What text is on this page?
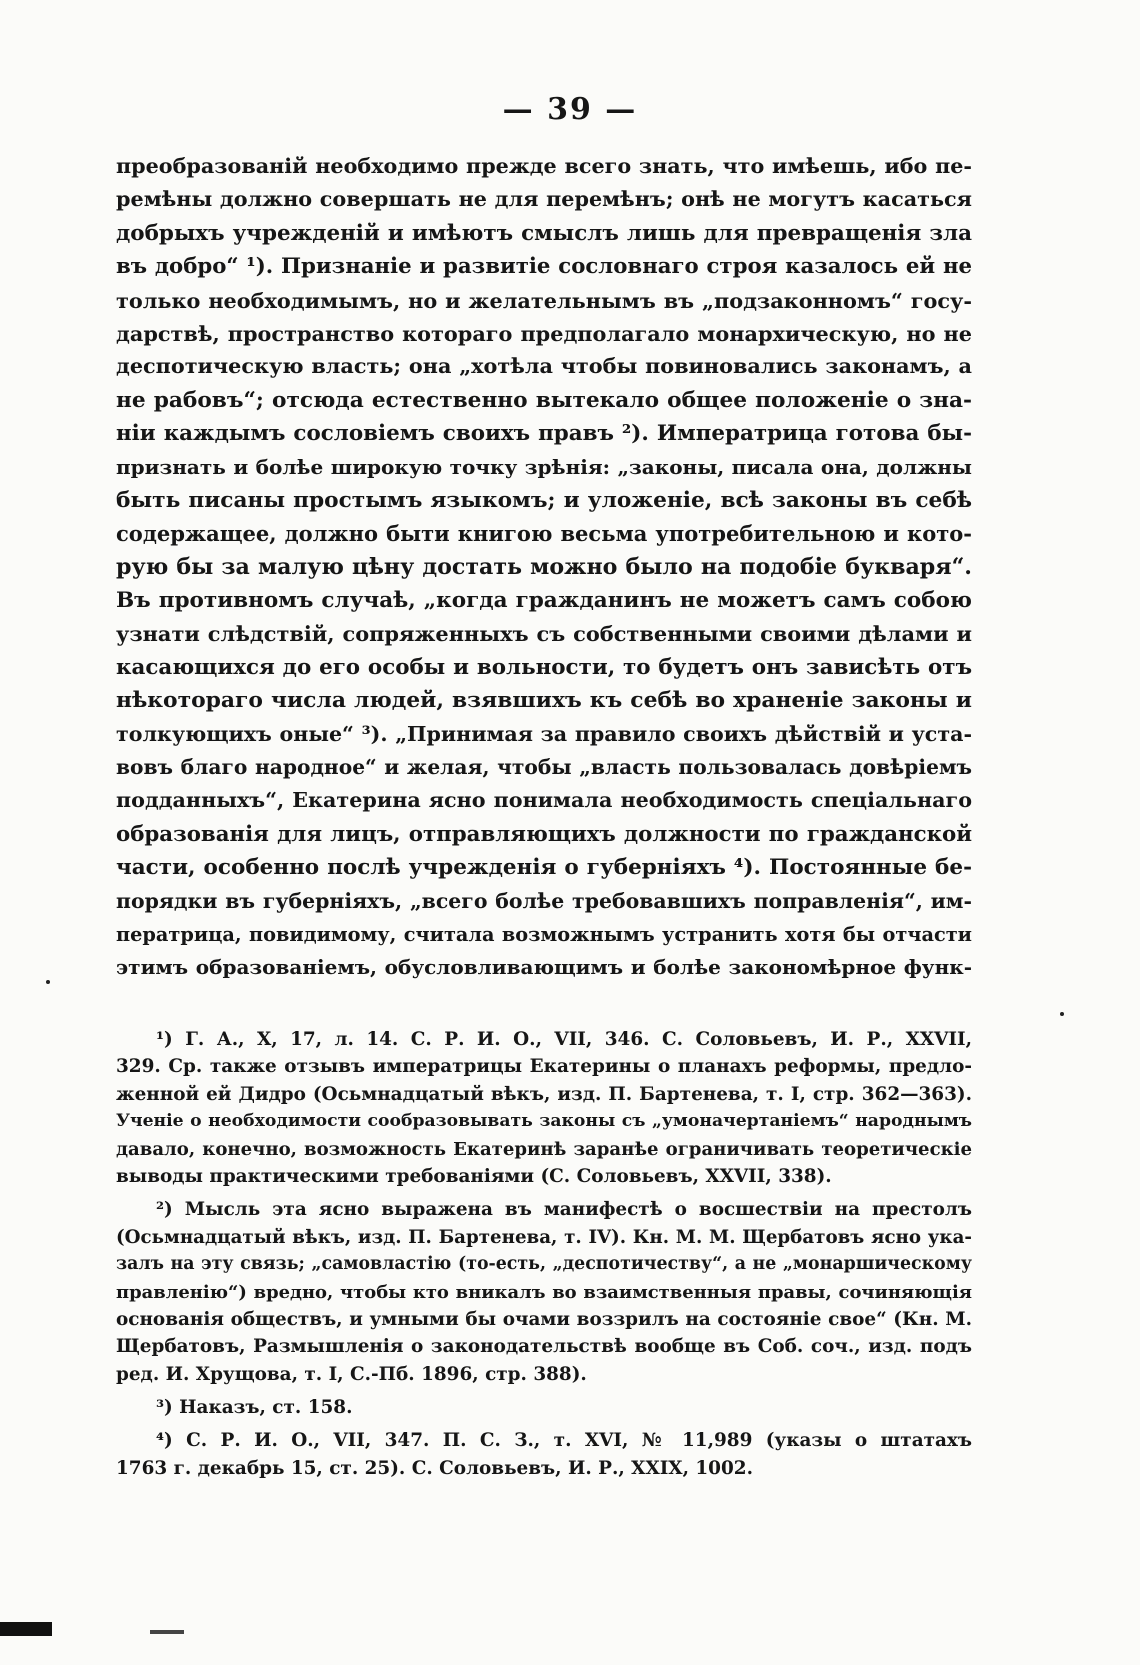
— 39 —
преобразованій необходимо прежде всего знать, что имѣешь, ибо пе-
ремѣны должно совершать не для перемѣнъ; онѣ не могутъ касаться
добрыхъ учрежденій и имѣютъ смыслъ лишь для превращенія зла
въ добро“ ¹). Признаніе и развитіе сословнаго строя казалось ей не
только необходимымъ, но и желательнымъ въ „подзаконномъ“ госу-
дарствѣ, пространство котораго предполагало монархическую, но не
деспотическую власть; она „хотѣла чтобы повиновались законамъ, а
не рабовъ“; отсюда естественно вытекало общее положеніе о зна-
ніи каждымъ сословіемъ своихъ правъ ²). Императрица готова бы-
признать и болѣе широкую точку зрѣнія: „законы, писала она, должны
быть писаны простымъ языкомъ; и уложеніе, всѣ законы въ себѣ
содержащее, должно быти книгою весьма употребительною и кото-
рую бы за малую цѣну достать можно было на подобіе букваря“.
Въ противномъ случаѣ, „когда гражданинъ не можетъ самъ собою
узнати слѣдствій, сопряженныхъ съ собственными своими дѣлами и
касающихся до его особы и вольности, то будетъ онъ зависѣть отъ
нѣкотораго числа людей, взявшихъ къ себѣ во храненіе законы и
толкующихъ оные“ ³). „Принимая за правило своихъ дѣйствій и уста-
вовъ благо народное“ и желая, чтобы „власть пользовалась довѣріемъ
подданныхъ“, Екатерина ясно понимала необходимость спеціальнаго
образованія для лицъ, отправляющихъ должности по гражданской
части, особенно послѣ учрежденія о губерніяхъ ⁴). Постоянные бе-
порядки въ губерніяхъ, „всего болѣе требовавшихъ поправленія“, им-
ператрица, повидимому, считала возможнымъ устранить хотя бы отчасти
этимъ образованіемъ, обусловливающимъ и болѣе закономѣрное функ-
¹) Г. А., X, 17, л. 14. С. Р. И. О., VII, 346. С. Соловьевъ, И. Р., XXVII,
329. Ср. также отзывъ императрицы Екатерины о планахъ реформы, предло-
женной ей Дидро (Осьмнадцатый вѣкъ, изд. П. Бартенева, т. I, стр. 362—363).
Ученіе о необходимости сообразовывать законы съ „умоначертаніемъ“ народнымъ
давало, конечно, возможность Екатеринѣ заранѣе ограничивать теоретическіе
выводы практическими требованіями (С. Соловьевъ, XXVII, 338).
²) Мысль эта ясно выражена въ манифестѣ о восшествіи на престолъ
(Осьмнадцатый вѣкъ, изд. П. Бартенева, т. IV). Кн. М. М. Щербатовъ ясно ука-
залъ на эту связь; „самовластію (то-есть, „деспотичеству“, а не „монаршическому
правленію“) вредно, чтобы кто вникалъ во взаимственныя правы, сочиняющія
основанія обществъ, и умными бы очами воззрилъ на состояніе свое“ (Кн. М.
Щербатовъ, Размышленія о законодательствѣ вообще въ Соб. соч., изд. подъ
ред. И. Хрущова, т. I, С.-Пб. 1896, стр. 388).
³) Наказъ, ст. 158.
⁴) С. Р. И. О., VII, 347. П. С. З., т. XVI, № 11,989 (указы о штатахъ
1763 г. декабрь 15, ст. 25). С. Соловьевъ, И. Р., XXIX, 1002.
